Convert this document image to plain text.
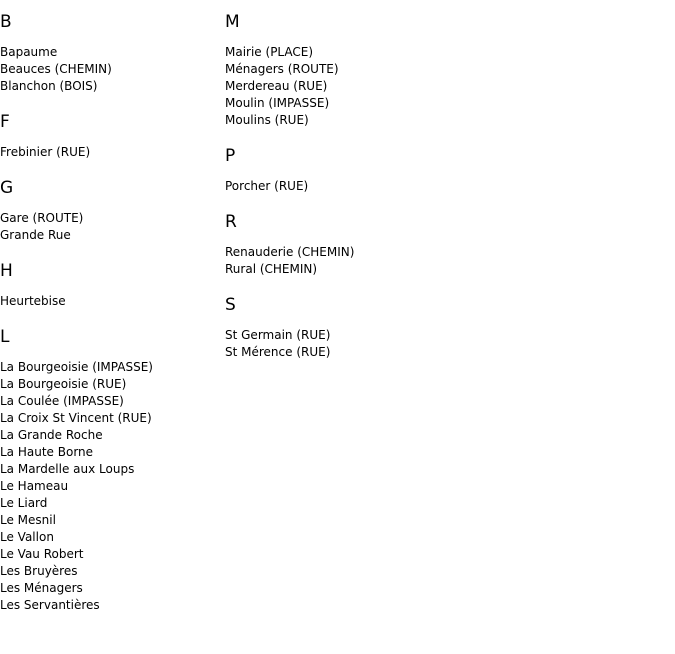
B
Bapaume
Beauces (CHEMIN)
Blanchon (BOIS)
F
Frebinier (RUE)
G
Gare (ROUTE)
Grande Rue
H
Heurtebise
L
La Bourgeoisie (IMPASSE)
La Bourgeoisie (RUE)
La Coulée (IMPASSE)
La Croix St Vincent (RUE)
La Grande Roche
La Haute Borne
La Mardelle aux Loups
Le Hameau
Le Liard
Le Mesnil
Le Vallon
Le Vau Robert
Les Bruyères
Les Ménagers
Les Servantières
M
Mairie (PLACE)
Ménagers (ROUTE)
Merdereau (RUE)
Moulin (IMPASSE)
Moulins (RUE)
P
Porcher (RUE)
R
Renauderie (CHEMIN)
Rural (CHEMIN)
S
St Germain (RUE)
St Mérence (RUE)
